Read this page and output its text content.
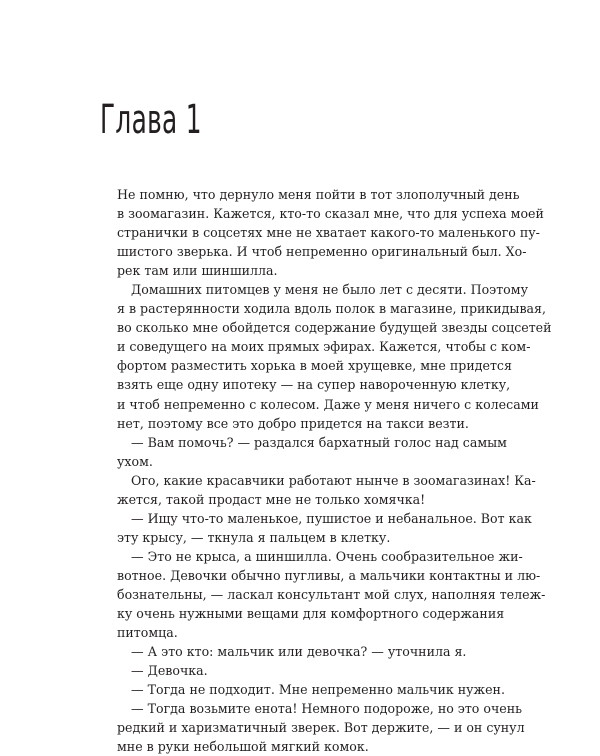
Глава 1
Не помню, что дернуло меня пойти в тот злополучный день
в зоомагазин. Кажется, кто-то сказал мне, что для успеха моей
странички в соцсетях мне не хватает какого-то маленького пу-
шистого зверька. И чтоб непременно оригинальный был. Хо-
рек там или шиншилла.
Домашних питомцев у меня не было лет с десяти. Поэтому
я в растерянности ходила вдоль полок в магазине, прикидывая,
во сколько мне обойдется содержание будущей звезды соцсетей
и соведущего на моих прямых эфирах. Кажется, чтобы с ком-
фортом разместить хорька в моей хрущевке, мне придется
взять еще одну ипотеку — на супер навороченную клетку,
и чтоб непременно с колесом. Даже у меня ничего с колесами
нет, поэтому все это добро придется на такси везти.
— Вам помочь? — раздался бархатный голос над самым
ухом.
Ого, какие красавчики работают нынче в зоомагазинах! Ка-
жется, такой продаст мне не только хомячка!
— Ищу что-то маленькое, пушистое и небанальное. Вот как
эту крысу, — ткнула я пальцем в клетку.
— Это не крыса, а шиншилла. Очень сообразительное жи-
вотное. Девочки обычно пугливы, а мальчики контактны и лю-
бознательны, — ласкал консультант мой слух, наполняя тележ-
ку очень нужными вещами для комфортного содержания
питомца.
— А это кто: мальчик или девочка? — уточнила я.
— Девочка.
— Тогда не подходит. Мне непременно мальчик нужен.
— Тогда возьмите енота! Немного подороже, но это очень
редкий и харизматичный зверек. Вот держите, — и он сунул
мне в руки небольшой мягкий комок.
